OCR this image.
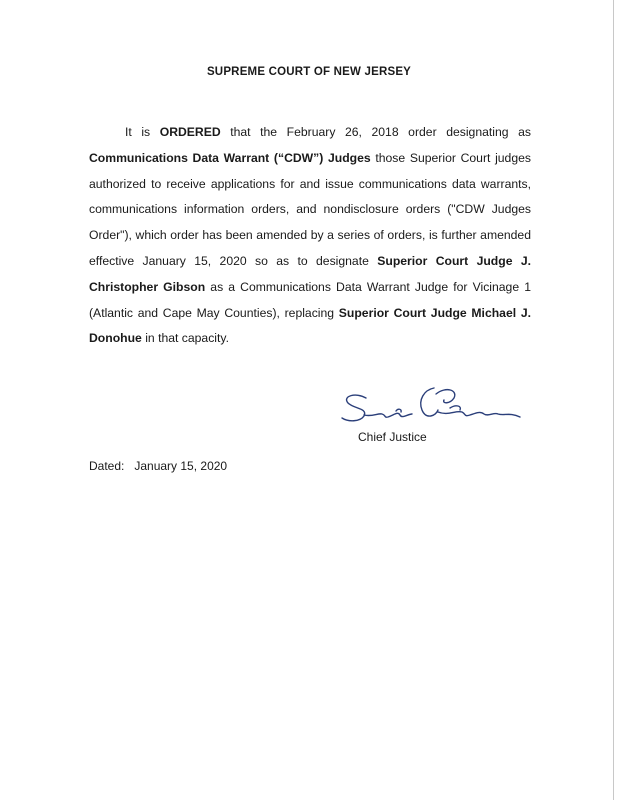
SUPREME COURT OF NEW JERSEY

It is ORDERED that the February 26, 2018 order designating as Communications Data Warrant (“CDW”) Judges those Superior Court judges authorized to receive applications for and issue communications data warrants, communications information orders, and nondisclosure orders ("CDW Judges Order"), which order has been amended by a series of orders, is further amended effective January 15, 2020 so as to designate Superior Court Judge J. Christopher Gibson as a Communications Data Warrant Judge for Vicinage 1 (Atlantic and Cape May Counties), replacing Superior Court Judge Michael J. Donohue in that capacity.

Chief Justice
Dated: January 15, 2020
